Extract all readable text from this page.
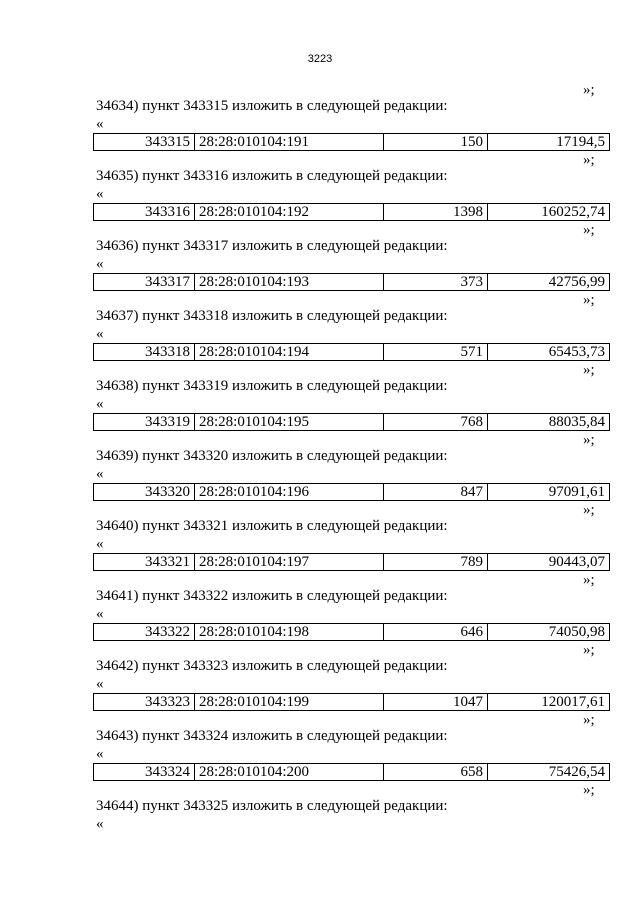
3223
»;
34634) пункт 343315 изложить в следующей редакции:
«
343315	28:28:010104:191	150	17194,5
»;
34635) пункт 343316 изложить в следующей редакции:
«
343316	28:28:010104:192	1398	160252,74
»;
34636) пункт 343317 изложить в следующей редакции:
«
343317	28:28:010104:193	373	42756,99
»;
34637) пункт 343318 изложить в следующей редакции:
«
343318	28:28:010104:194	571	65453,73
»;
34638) пункт 343319 изложить в следующей редакции:
«
343319	28:28:010104:195	768	88035,84
»;
34639) пункт 343320 изложить в следующей редакции:
«
343320	28:28:010104:196	847	97091,61
»;
34640) пункт 343321 изложить в следующей редакции:
«
343321	28:28:010104:197	789	90443,07
»;
34641) пункт 343322 изложить в следующей редакции:
«
343322	28:28:010104:198	646	74050,98
»;
34642) пункт 343323 изложить в следующей редакции:
«
343323	28:28:010104:199	1047	120017,61
»;
34643) пункт 343324 изложить в следующей редакции:
«
343324	28:28:010104:200	658	75426,54
»;
34644) пункт 343325 изложить в следующей редакции:
«
